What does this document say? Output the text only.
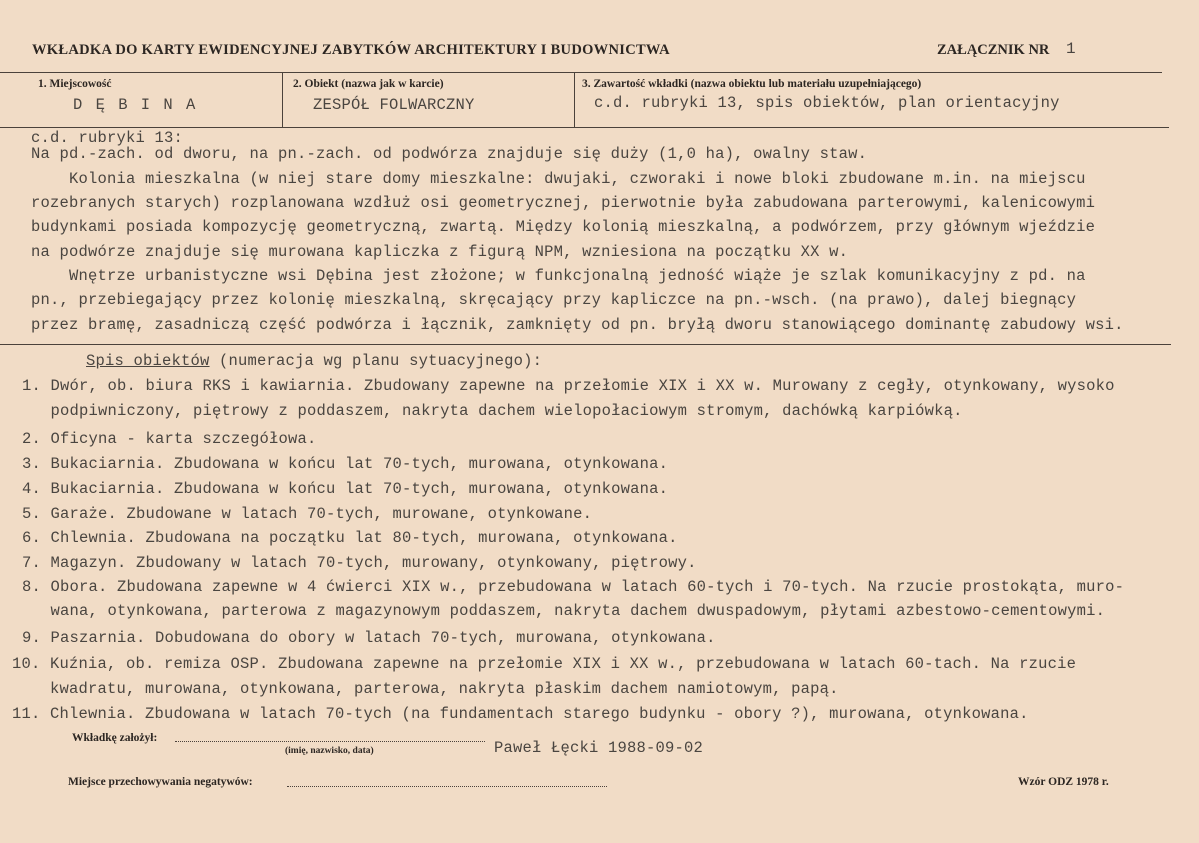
WKŁADKA DO KARTY EWIDENCYJNEJ ZABYTKÓW ARCHITEKTURY I BUDOWNICTWA	ZAŁĄCZNIK NR 1
1. Miejscowość
D Ę B I N A
2. Obiekt (nazwa jak w karcie)
ZESPÓŁ FOLWARCZNY
3. Zawartość wkładki (nazwa obiektu lub materiału uzupełniającego)
c.d. rubryki 13, spis obiektów, plan orientacyjny
c.d. rubryki 13:
Na pd.-zach. od dworu, na pn.-zach. od podwórza znajduje się duży (1,0 ha), owalny staw.
Kolonia mieszkalna (w niej stare domy mieszkalne: dwujaki, czworaki i nowe bloki zbudowane m.in. na miejscu
rozebranych starych) rozplanowana wzdłuż osi geometrycznej, pierwotnie była zabudowana parterowymi, kalenicowymi
budynkami posiada kompozycję geometryczną, zwartą. Między kolonią mieszkalną, a podwórzem, przy głównym wjeździe
na podwórze znajduje się murowana kapliczka z figurą NPM, wzniesiona na początku XX w.
Wnętrze urbanistyczne wsi Dębina jest złożone; w funkcjonalną jedność wiąże je szlak komunikacyjny z pd. na
pn., przebiegający przez kolonię mieszkalną, skręcający przy kapliczce na pn.-wsch. (na prawo), dalej biegnący
przez bramę, zasadniczą część podwórza i łącznik, zamknięty od pn. bryłą dworu stanowiącego dominantę zabudowy wsi.
Spis obiektów (numeracja wg planu sytuacyjnego):
1. Dwór, ob. biura RKS i kawiarnia. Zbudowany zapewne na przełomie XIX i XX w. Murowany z cegły, otynkowany, wysoko
podpiwniczony, piętrowy z poddaszem, nakryta dachem wielopołaciowym stromym, dachówką karpiówką.
2. Oficyna - karta szczegółowa.
3. Bukaciarnia. Zbudowana w końcu lat 70-tych, murowana, otynkowana.
4. Bukaciarnia. Zbudowana w końcu lat 70-tych, murowana, otynkowana.
5. Garaże. Zbudowane w latach 70-tych, murowane, otynkowane.
6. Chlewnia. Zbudowana na początku lat 80-tych, murowana, otynkowana.
7. Magazyn. Zbudowany w latach 70-tych, murowany, otynkowany, piętrowy.
8. Obora. Zbudowana zapewne w 4 ćwierci XIX w., przebudowana w latach 60-tych i 70-tych. Na rzucie prostokąta, muro-
wana, otynkowana, parterowa z magazynowym poddaszem, nakryta dachem dwuspadowym, płytami azbestowo-cementowymi.
9. Paszarnia. Dobudowana do obory w latach 70-tych, murowana, otynkowana.
10. Kuźnia, ob. remiza OSP. Zbudowana zapewne na przełomie XIX i XX w., przebudowana w latach 60-tach. Na rzucie
kwadratu, murowana, otynkowana, parterowa, nakryta płaskim dachem namiotowym, papą.
11. Chlewnia. Zbudowana w latach 70-tych (na fundamentach starego budynku - obory ?), murowana, otynkowana.
Wkładkę założył:
(imię, nazwisko, data)	Paweł Łęcki 1988-09-02
Miejsce przechowywania negatywów:	Wzór ODZ 1978 r.
